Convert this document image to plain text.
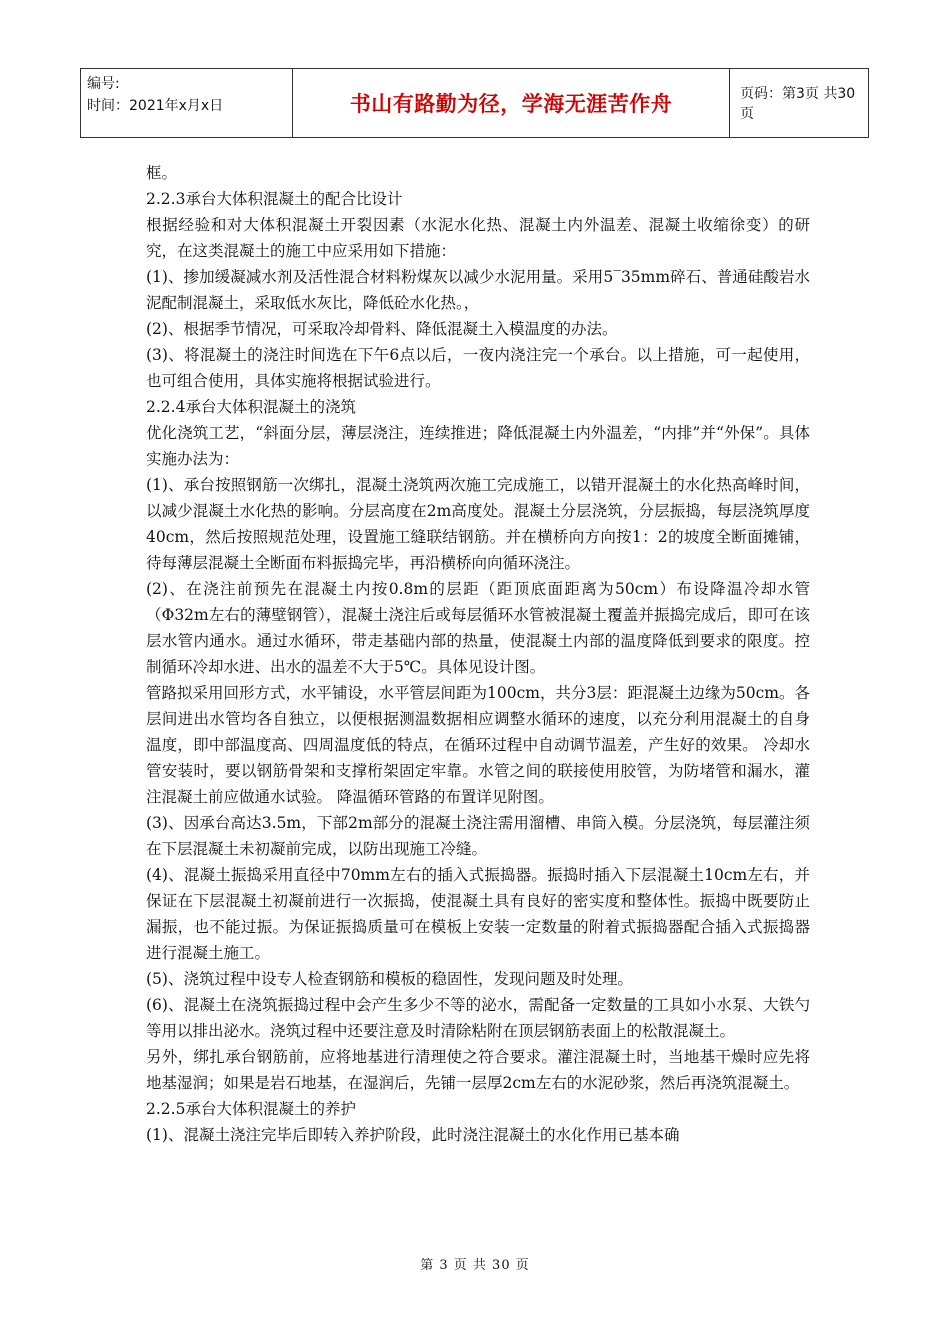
编号:
时间：2021年x月x日	书山有路勤为径，学海无涯苦作舟	页码：第3页 共30页

框。

2.2.3承台大体积混凝土的配合比设计

根据经验和对大体积混凝土开裂因素（水泥水化热、混凝土内外温差、混凝土收缩徐变）的研究，在这类混凝土的施工中应采用如下措施：

(1)、掺加缓凝减水剂及活性混合材料粉煤灰以减少水泥用量。采用5‾35mm碎石、普通硅酸岩水泥配制混凝土，采取低水灰比，降低砼水化热。，

(2)、根据季节情况，可采取冷却骨料、降低混凝土入模温度的办法。

(3)、将混凝土的浇注时间选在下午6点以后，一夜内浇注完一个承台。以上措施，可一起使用，也可组合使用，具体实施将根据试验进行。

2.2.4承台大体积混凝土的浇筑

优化浇筑工艺，“斜面分层，薄层浇注，连续推进；降低混凝土内外温差，“内排”并“外保”。具体实施办法为：

(1)、承台按照钢筋一次绑扎，混凝土浇筑两次施工完成施工，以错开混凝土的水化热高峰时间，以减少混凝土水化热的影响。分层高度在2m高度处。混凝土分层浇筑，分层振捣，每层浇筑厚度40cm，然后按照规范处理，设置施工缝联结钢筋。并在横桥向方向按1：2的坡度全断面摊铺，待每薄层混凝土全断面布料振捣完毕，再沿横桥向向循环浇注。

(2)、在浇注前预先在混凝土内按0.8m的层距（距顶底面距离为50cm）布设降温冷却水管（Φ32m左右的薄壁钢管），混凝土浇注后或每层循环水管被混凝土覆盖并振捣完成后，即可在该层水管内通水。通过水循环，带走基础内部的热量，使混凝土内部的温度降低到要求的限度。控制循环冷却水进、出水的温差不大于5℃。具体见设计图。

管路拟采用回形方式，水平铺设，水平管层间距为100cm，共分3层：距混凝土边缘为50cm。各层间进出水管均各自独立，以便根据测温数据相应调整水循环的速度，以充分利用混凝土的自身温度，即中部温度高、四周温度低的特点，在循环过程中自动调节温差，产生好的效果。 冷却水管安装时，要以钢筋骨架和支撑桁架固定牢靠。水管之间的联接使用胶管，为防堵管和漏水，灌注混凝土前应做通水试验。 降温循环管路的布置详见附图。

(3)、因承台高达3.5m，下部2m部分的混凝土浇注需用溜槽、串筒入模。分层浇筑，每层灌注须在下层混凝土未初凝前完成，以防出现施工冷缝。

(4)、混凝土振捣采用直径中70mm左右的插入式振捣器。振捣时插入下层混凝土10cm左右，并保证在下层混凝土初凝前进行一次振捣，使混凝土具有良好的密实度和整体性。振捣中既要防止漏振，也不能过振。为保证振捣质量可在模板上安装一定数量的附着式振捣器配合插入式振捣器进行混凝土施工。

(5)、浇筑过程中设专人检查钢筋和模板的稳固性，发现问题及时处理。

(6)、混凝土在浇筑振捣过程中会产生多少不等的泌水，需配备一定数量的工具如小水泵、大铁勺等用以排出泌水。浇筑过程中还要注意及时清除粘附在顶层钢筋表面上的松散混凝土。

另外，绑扎承台钢筋前，应将地基进行清理使之符合要求。灌注混凝土时，当地基干燥时应先将地基湿润；如果是岩石地基，在湿润后，先铺一层厚2cm左右的水泥砂浆，然后再浇筑混凝土。

2.2.5承台大体积混凝土的养护

(1)、混凝土浇注完毕后即转入养护阶段，此时浇注混凝土的水化作用已基本确

第 3 页 共 30 页
